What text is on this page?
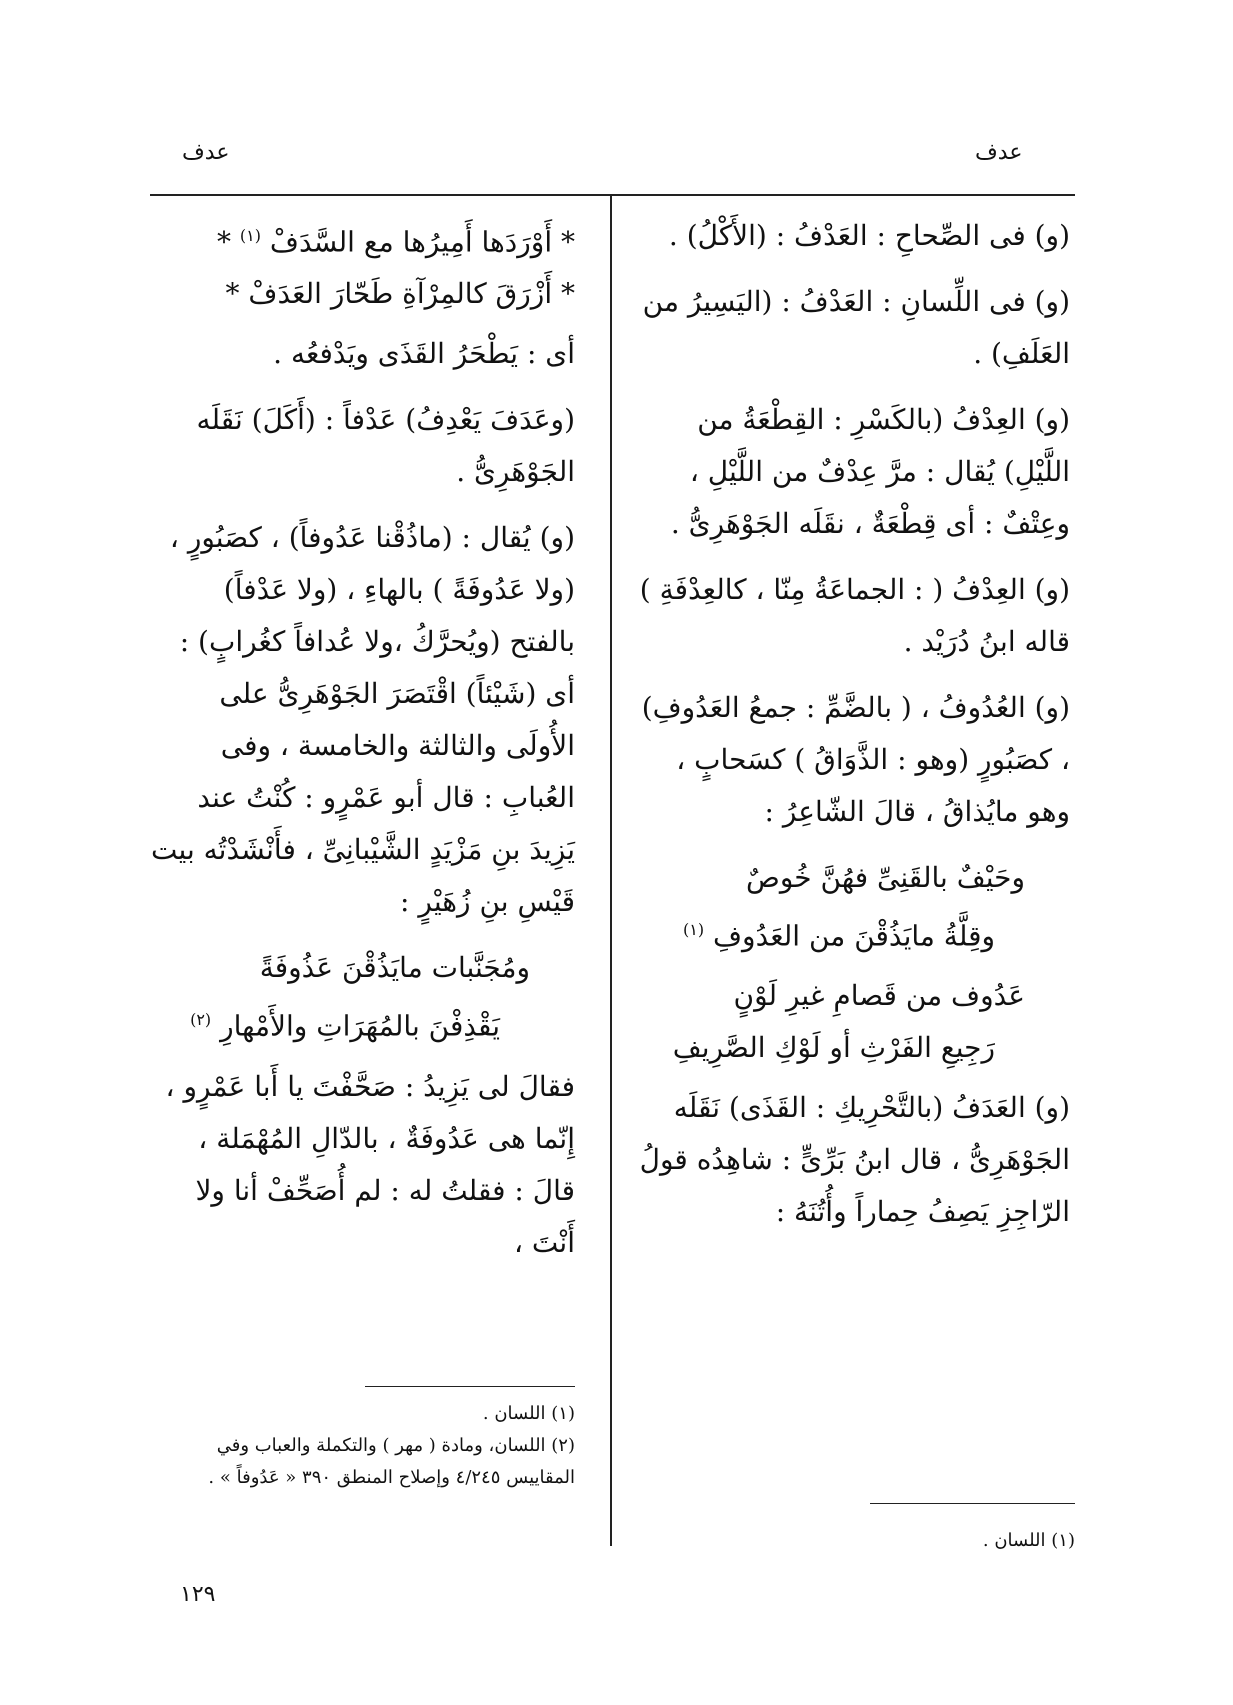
عدف
عدف

(و) فى الصِّحاحِ : العَدْفُ : (الأَكْلُ) .

(و) فى اللِّسانِ : العَدْفُ : (اليَسِيرُ من العَلَفِ) .

(و) العِدْفُ (بالكَسْرِ : القِطْعَةُ من اللَّيْلِ) يُقال : مرَّ عِدْفٌ من اللَّيْلِ ، وعِتْفٌ : أى قِطْعَةٌ ، نقَلَه الجَوْهَرِىُّ .

(و) العِدْفُ ( : الجماعَةُ مِنّا ، كالعِدْفَةِ ) قاله ابنُ دُرَيْد .

(و) العُدُوفُ ، ( بالضَّمِّ : جمعُ العَدُوفِ) ، كصَبُورٍ (وهو : الذَّوَاقُ ) كسَحابٍ ، وهو مايُذاقُ ، قالَ الشّاعِرُ :

وحَيْفٌ بالقَنِىِّ فهُنَّ خُوصٌ
وقِلَّةُ مايَذُقْنَ من العَدُوفِ $^{(١)}$
عَدُوف من قَصامِ غيرِ لَوْنٍ
رَجِيعِ الفَرْثِ أو لَوْكِ الصَّرِيفِ

(و) العَدَفُ (بالتَّحْرِيكِ : القَذَى) نَقَلَه الجَوْهَرِىُّ ، قال ابنُ بَرِّىٍّ : شاهِدُه قولُ الرّاجِزِ يَصِفُ حِماراً وأُتُنَهُ :

* أَوْرَدَها أَمِيرُها مع السَّدَفْ $^{(١)}$ *
* أَزْرَقَ كالمِرْآةِ طَحّارَ العَدَفْ *

أى : يَطْحَرُ القَذَى ويَدْفعُه .

(وعَدَفَ يَعْدِفُ) عَدْفاً : (أَكَلَ) نَقَلَه الجَوْهَرِىُّ .

(و) يُقال : (ماذُقْنا عَدُوفاً) ، كصَبُورٍ ، (ولا عَدُوفَةً ) بالهاءِ ، (ولا عَدْفاً) بالفتح (ويُحرَّكُ ،ولا عُدافاً كغُرابٍ) : أى (شَيْئاً) اقْتَصَرَ الجَوْهَرِىُّ على الأُولَى والثالثة والخامسة ، وفى العُبابِ : قال أبو عَمْرٍو : كُنْتُ عند يَزِيدَ بنِ مَزْيَدٍ الشَّيْبانِىِّ ، فأَنْشَدْتُه بيت قَيْسِ بنِ زُهَيْرٍ :

ومُجَنَّبات مايَذُقْنَ عَذُوفَةً
يَقْذِفْنَ بالمُهَرَاتِ والأَمْهارِ $^{(٢)}$

فقالَ لى يَزِيدُ : صَحَّفْتَ يا أَبا عَمْرٍو ، إِنّما هى عَدُوفَةٌ ، بالدّالِ المُهْمَلة ، قالَ : فقلتُ له : لم أُصَحِّفْ أنا ولا أَنْتَ ،

(١) اللسان .

(١) اللسان .

(٢) اللسان، ومادة ( مهر ) والتكملة والعباب وفي المقاييس ٤/٢٤٥ وإصلاح المنطق ٣٩٠ « عَدُوفاً » .

١٢٩
